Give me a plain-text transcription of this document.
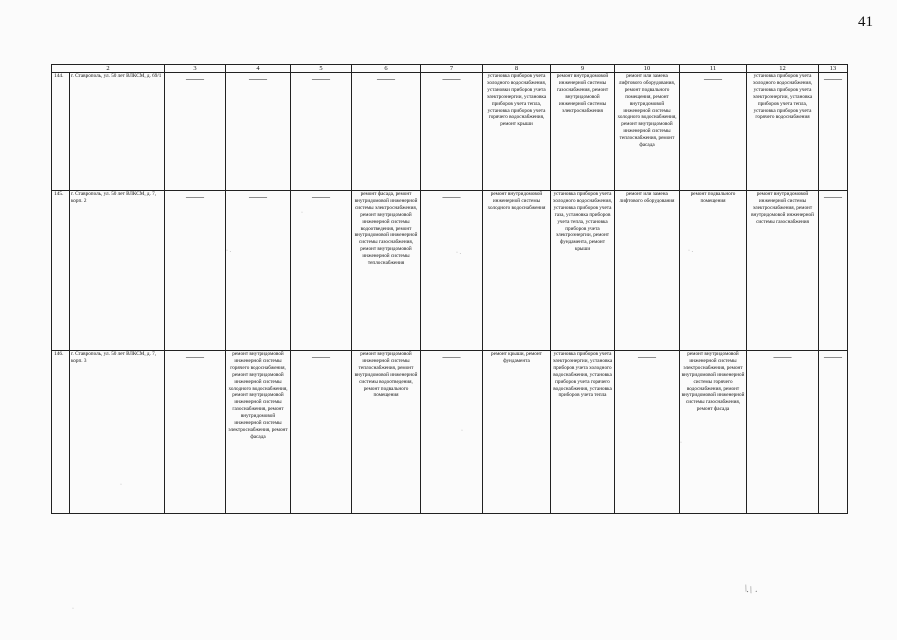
41
2		3	4	5	6	7	8	9	10	11	12	13
144.	г. Ставрополь, ул. 50 лет ВЛКСМ, д. 69/1	——	——	——	——	——	установка приборов учета холодного водоснабжения, установки приборов учета электроэнергии, установка приборов учета тепла, установка приборов учета горячего водоснабжения, ремонт крыши	ремонт внутридомовой инженерной системы газоснабжения, ремонт внутридомовой инженерной системы электроснабжения	ремонт или замена лифтового оборудования, ремонт подвального помещения, ремонт внутридомовой инженерной системы холодного водоснабжения, ремонт внутридомовой инженерной системы теплоснабжения, ремонт фасада	——	установка приборов учета холодного водоснабжения, установка приборов учета электроэнергии, установка приборов учета тепла, установка приборов учета горячего водоснабжения	——

145.	г. Ставрополь, ул. 50 лет ВЛКСМ, д. 7, корп. 2	——	——	——	ремонт фасада, ремонт внутридомовой инженерной системы электроснабжения, ремонт внутридомовой инженерной системы водоотведения, ремонт внутридомовой инженерной системы газоснабжения, ремонт внутридомовой инженерной системы теплоснабжения	——	ремонт внутридомовой инженерной системы холодного водоснабжения	установка приборов учета холодного водоснабжения, установка приборов учета газа, установка приборов учета тепла, установка приборов учета электроэнергии, ремонт фундамента, ремонт крыши	ремонт или замена лифтового оборудования	ремонт подвального помещения	ремонт внутридомовой инженерной системы электроснабжения, ремонт внутридомовой инженерной системы газоснабжения	——

146.	г. Ставрополь, ул. 50 лет ВЛКСМ, д. 7, корп. 3	——	ремонт внутридомовой инженерной системы горячего водоснабжения, ремонт внутридомовой инженерной системы холодного водоснабжения, ремонт внутридомовой инженерной системы газоснабжения, ремонт внутридомовой инженерной системы электроснабжения, ремонт фасада	——	ремонт внутридомовой инженерной системы теплоснабжения, ремонт внутридомовой инженерной системы водоотведения, ремонт подвального помещения	——	ремонт крыши, ремонт фундамента	установка приборов учета электроэнергии, установка приборов учета холодного водоснабжения, установка приборов учета горячего водоснабжения, установка приборов учета тепла	——	ремонт внутридомовой инженерной системы электроснабжения, ремонт внутридомовой инженерной системы горячего водоснабжения, ремонт внутридомовой инженерной системы газоснабжения, ремонт фасада	——	——
·
· .	· .	· .
·
·
·
·
\.\ ·
